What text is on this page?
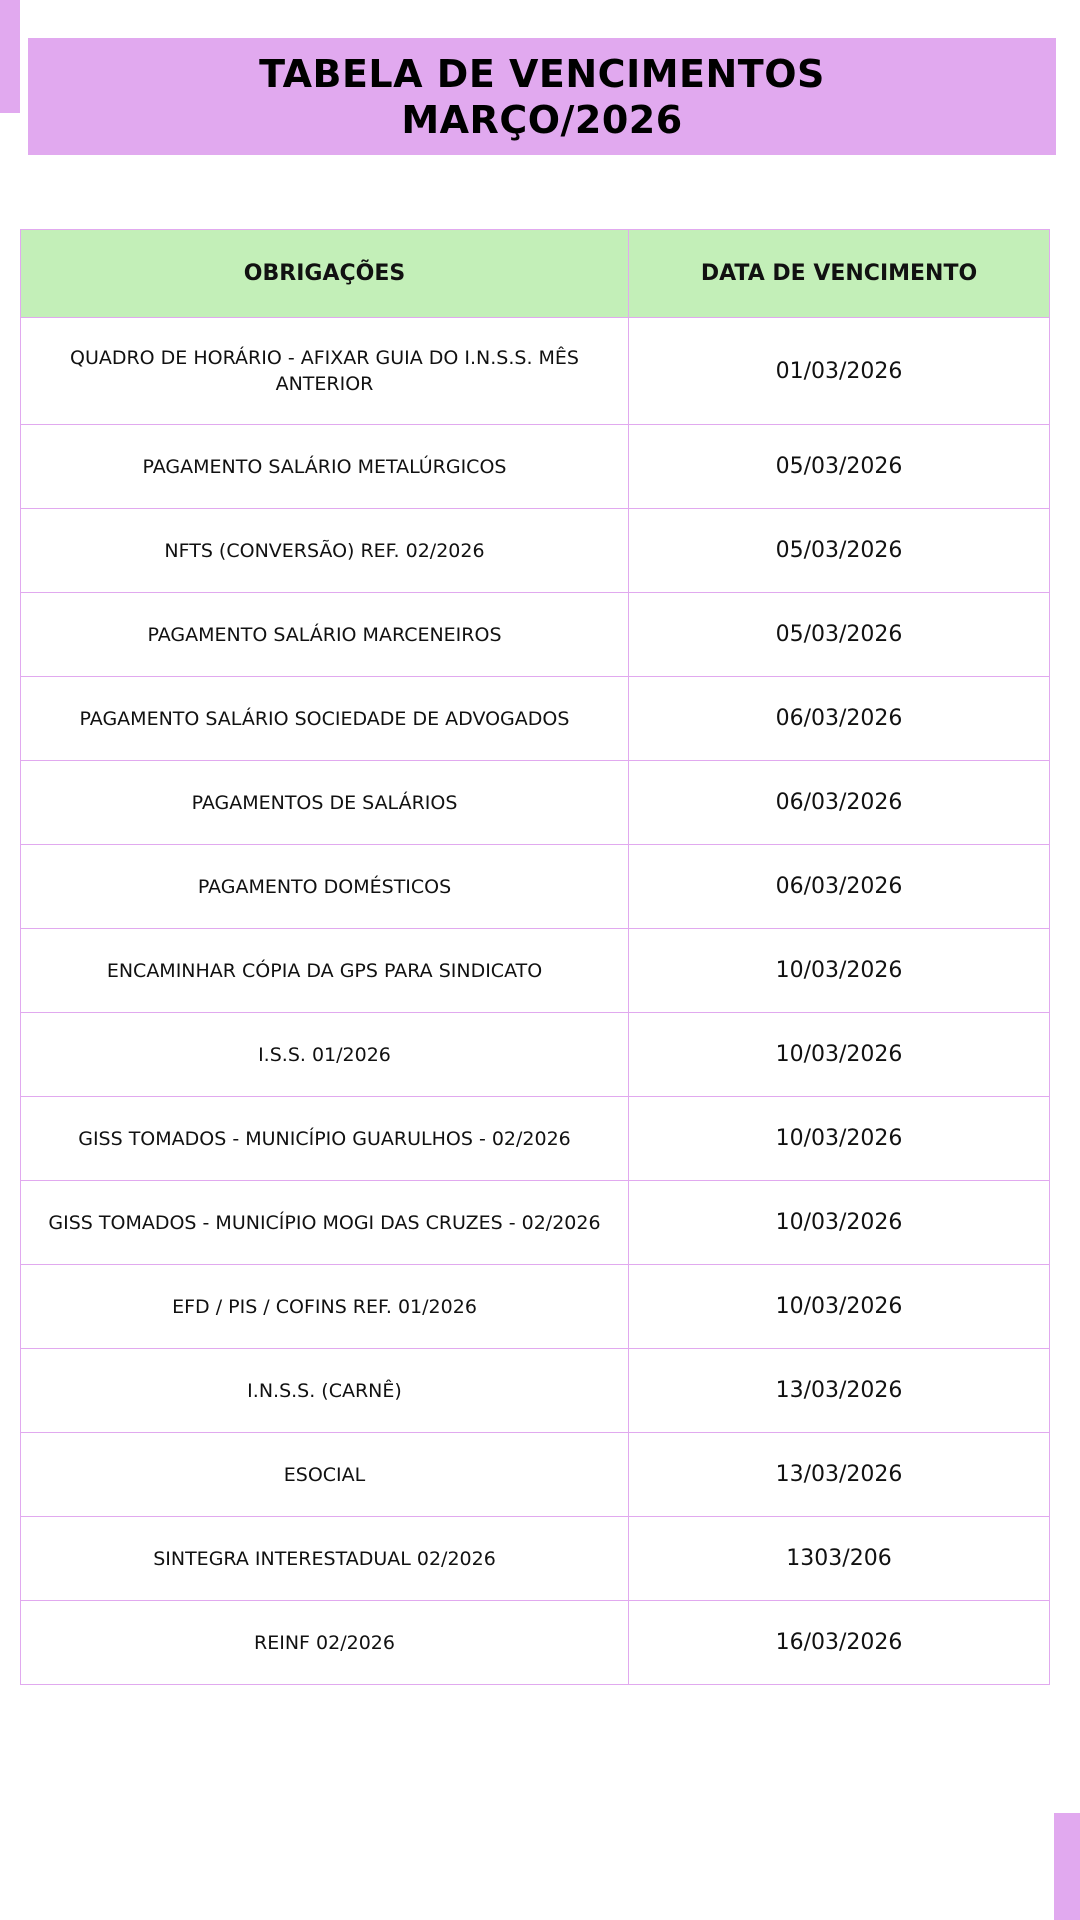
TABELA DE VENCIMENTOS
MARÇO/2026
OBRIGAÇÕES	DATA DE VENCIMENTO
QUADRO DE HORÁRIO - AFIXAR GUIA DO I.N.S.S. MÊS ANTERIOR	01/03/2026
PAGAMENTO SALÁRIO METALÚRGICOS	05/03/2026
NFTS (CONVERSÃO) REF. 02/2026	05/03/2026
PAGAMENTO SALÁRIO MARCENEIROS	05/03/2026
PAGAMENTO SALÁRIO SOCIEDADE DE ADVOGADOS	06/03/2026
PAGAMENTOS DE SALÁRIOS	06/03/2026
PAGAMENTO DOMÉSTICOS	06/03/2026
ENCAMINHAR CÓPIA DA GPS PARA SINDICATO	10/03/2026
I.S.S. 01/2026	10/03/2026
GISS TOMADOS - MUNICÍPIO GUARULHOS - 02/2026	10/03/2026
GISS TOMADOS - MUNICÍPIO MOGI DAS CRUZES - 02/2026	10/03/2026
EFD / PIS / COFINS REF. 01/2026	10/03/2026
I.N.S.S. (CARNÊ)	13/03/2026
ESOCIAL	13/03/2026
SINTEGRA INTERESTADUAL 02/2026	1303/206
REINF 02/2026	16/03/2026
